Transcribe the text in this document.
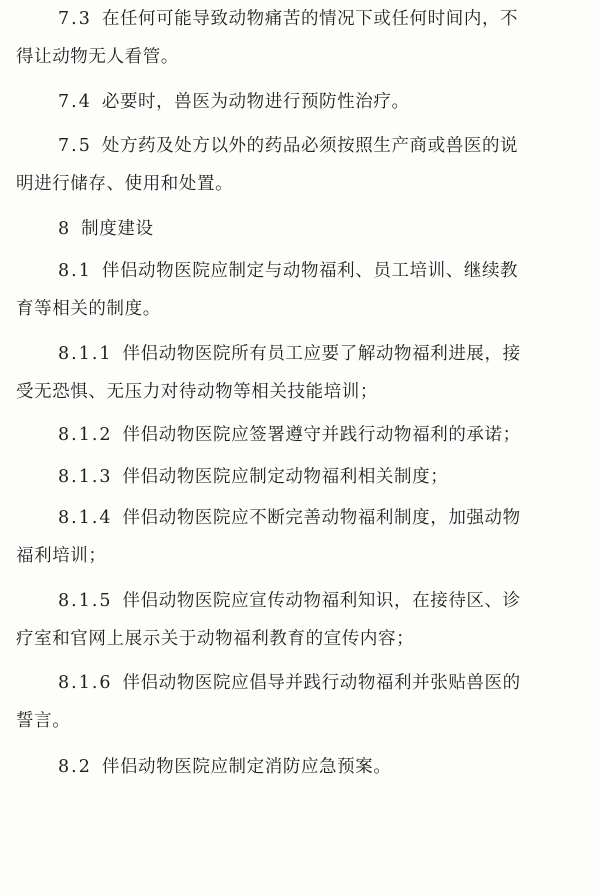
7.3 在任何可能导致动物痛苦的情况下或任何时间内，不
得让动物无人看管。

7.4 必要时，兽医为动物进行预防性治疗。

7.5 处方药及处方以外的药品必须按照生产商或兽医的说
明进行储存、使用和处置。

8 制度建设

8.1 伴侣动物医院应制定与动物福利、员工培训、继续教
育等相关的制度。

8.1.1 伴侣动物医院所有员工应要了解动物福利进展，接
受无恐惧、无压力对待动物等相关技能培训；

8.1.2 伴侣动物医院应签署遵守并践行动物福利的承诺；

8.1.3 伴侣动物医院应制定动物福利相关制度；

8.1.4 伴侣动物医院应不断完善动物福利制度，加强动物
福利培训；

8.1.5 伴侣动物医院应宣传动物福利知识，在接待区、诊
疗室和官网上展示关于动物福利教育的宣传内容；

8.1.6 伴侣动物医院应倡导并践行动物福利并张贴兽医的
誓言。

8.2 伴侣动物医院应制定消防应急预案。
